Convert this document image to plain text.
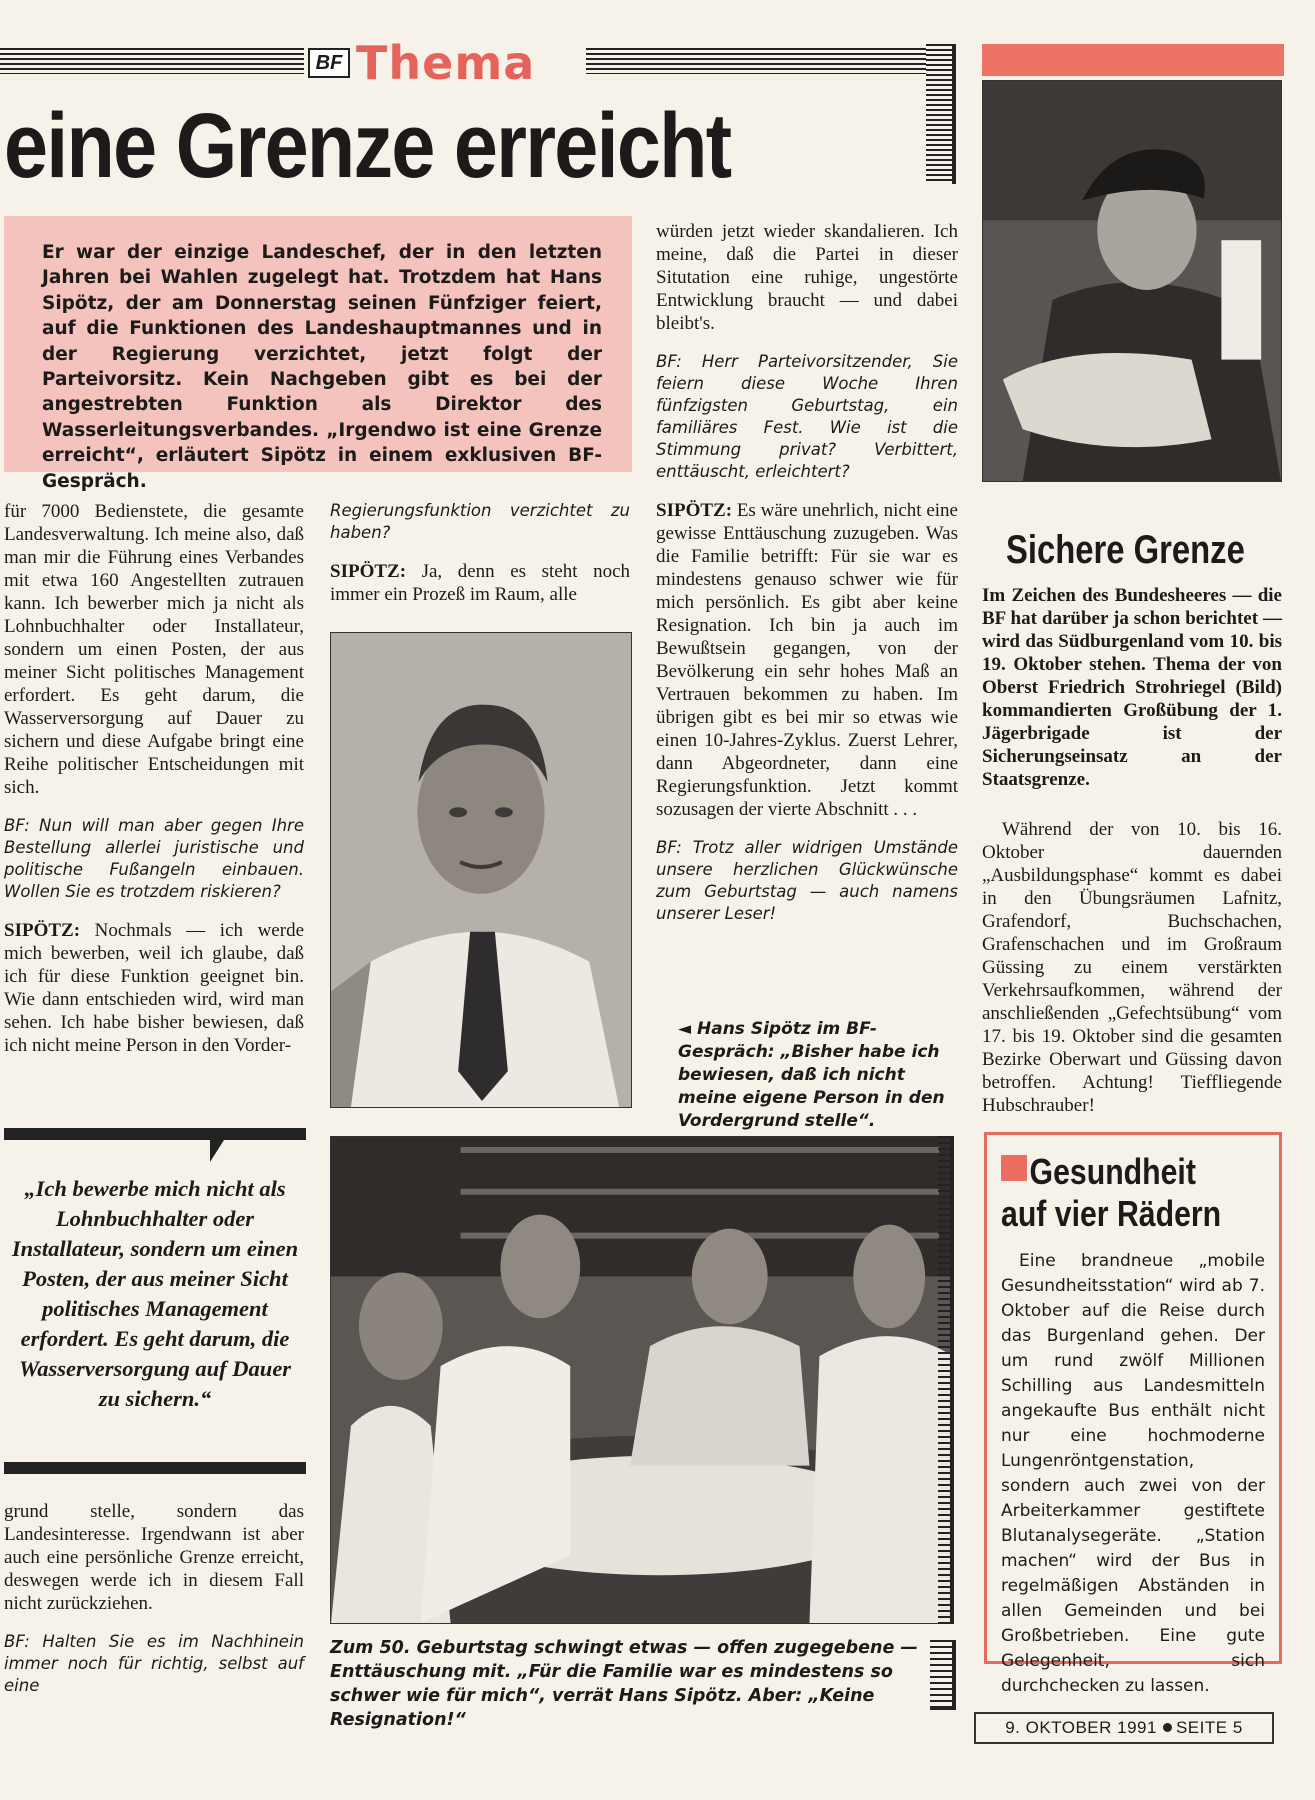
BF Thema
eine Grenze erreicht
Er war der einzige Landeschef, der in den letzten Jahren bei Wahlen zugelegt hat. Trotzdem hat Hans Sipötz, der am Donnerstag seinen Fünfziger feiert, auf die Funktionen des Landeshauptmannes und in der Regierung verzichtet, jetzt folgt der Parteivorsitz. Kein Nachgeben gibt es bei der angestrebten Funktion als Direktor des Wasserleitungsverbandes. „Irgendwo ist eine Grenze erreicht“, erläutert Sipötz in einem exklusiven BF-Gespräch.

für 7000 Bedienstete, die gesamte Landesverwaltung. Ich meine also, daß man mir die Führung eines Verbandes mit etwa 160 Angestellten zutrauen kann. Ich bewerber mich ja nicht als Lohnbuchhalter oder Installateur, sondern um einen Posten, der aus meiner Sicht politisches Management erfordert. Es geht darum, die Wasserversorgung auf Dauer zu sichern und diese Aufgabe bringt eine Reihe politischer Entscheidungen mit sich.

BF: Nun will man aber gegen Ihre Bestellung allerlei juristische und politische Fußangeln einbauen. Wollen Sie es trotzdem riskieren?

SIPÖTZ: Nochmals — ich werde mich bewerben, weil ich glaube, daß ich für diese Funktion geeignet bin. Wie dann entschieden wird, wird man sehen. Ich habe bisher bewiesen, daß ich nicht meine Person in den Vorder-

„Ich bewerbe mich nicht als Lohnbuchhalter oder Installateur, sondern um einen Posten, der aus meiner Sicht politisches Management erfordert. Es geht darum, die Wasserversorgung auf Dauer zu sichern.“

grund stelle, sondern das Landesinteresse. Irgendwann ist aber auch eine persönliche Grenze erreicht, deswegen werde ich in diesem Fall nicht zurückziehen.

BF: Halten Sie es im Nachhinein immer noch für richtig, selbst auf eine

Regierungsfunktion verzichtet zu haben?

SIPÖTZ: Ja, denn es steht noch immer ein Prozeß im Raum, alle

würden jetzt wieder skandalieren. Ich meine, daß die Partei in dieser Situtation eine ruhige, ungestörte Entwicklung braucht — und dabei bleibt's.

BF: Herr Parteivorsitzender, Sie feiern diese Woche Ihren fünfzigsten Geburtstag, ein familiäres Fest. Wie ist die Stimmung privat? Verbittert, enttäuscht, erleichtert?

SIPÖTZ: Es wäre unehrlich, nicht eine gewisse Enttäuschung zuzugeben. Was die Familie betrifft: Für sie war es mindestens genauso schwer wie für mich persönlich. Es gibt aber keine Resignation. Ich bin ja auch im Bewußtsein gegangen, von der Bevölkerung ein sehr hohes Maß an Vertrauen bekommen zu haben. Im übrigen gibt es bei mir so etwas wie einen 10-Jahres-Zyklus. Zuerst Lehrer, dann Abgeordneter, dann eine Regierungsfunktion. Jetzt kommt sozusagen der vierte Abschnitt . . .

BF: Trotz aller widrigen Umstände unsere herzlichen Glückwünsche zum Geburtstag — auch namens unserer Leser!

◄ Hans Sipötz im BF-Gespräch: „Bisher habe ich bewiesen, daß ich nicht meine eigene Person in den Vordergrund stelle“.
Zum 50. Geburtstag schwingt etwas — offen zugegebene — Enttäuschung mit. „Für die Familie war es mindestens so schwer wie für mich“, verrät Hans Sipötz. Aber: „Keine Resignation!“
Sichere Grenze
Im Zeichen des Bundesheeres — die BF hat darüber ja schon berichtet — wird das Südburgenland vom 10. bis 19. Oktober stehen. Thema der von Oberst Friedrich Strohriegel (Bild) kommandierten Großübung der 1. Jägerbrigade ist der Sicherungseinsatz an der Staatsgrenze.
Während der von 10. bis 16. Oktober dauernden „Ausbildungsphase“ kommt es dabei in den Übungsräumen Lafnitz, Grafendorf, Buchschachen, Grafenschachen und im Großraum Güssing zu einem verstärkten Verkehrsaufkommen, während der anschließenden „Gefechtsübung“ vom 17. bis 19. Oktober sind die gesamten Bezirke Oberwart und Güssing davon betroffen. Achtung! Tieffliegende Hubschrauber!
Gesundheit
auf vier Rädern

Eine brandneue „mobile Gesundheitsstation“ wird ab 7. Oktober auf die Reise durch das Burgenland gehen. Der um rund zwölf Millionen Schilling aus Landesmitteln angekaufte Bus enthält nicht nur eine hochmoderne Lungenröntgenstation, sondern auch zwei von der Arbeiterkammer gestiftete Blutanalysegeräte. „Station machen“ wird der Bus in regelmäßigen Abständen in allen Gemeinden und bei Großbetrieben. Eine gute Gelegenheit, sich durchchecken zu lassen.

9. OKTOBER 1991 SEITE 5
